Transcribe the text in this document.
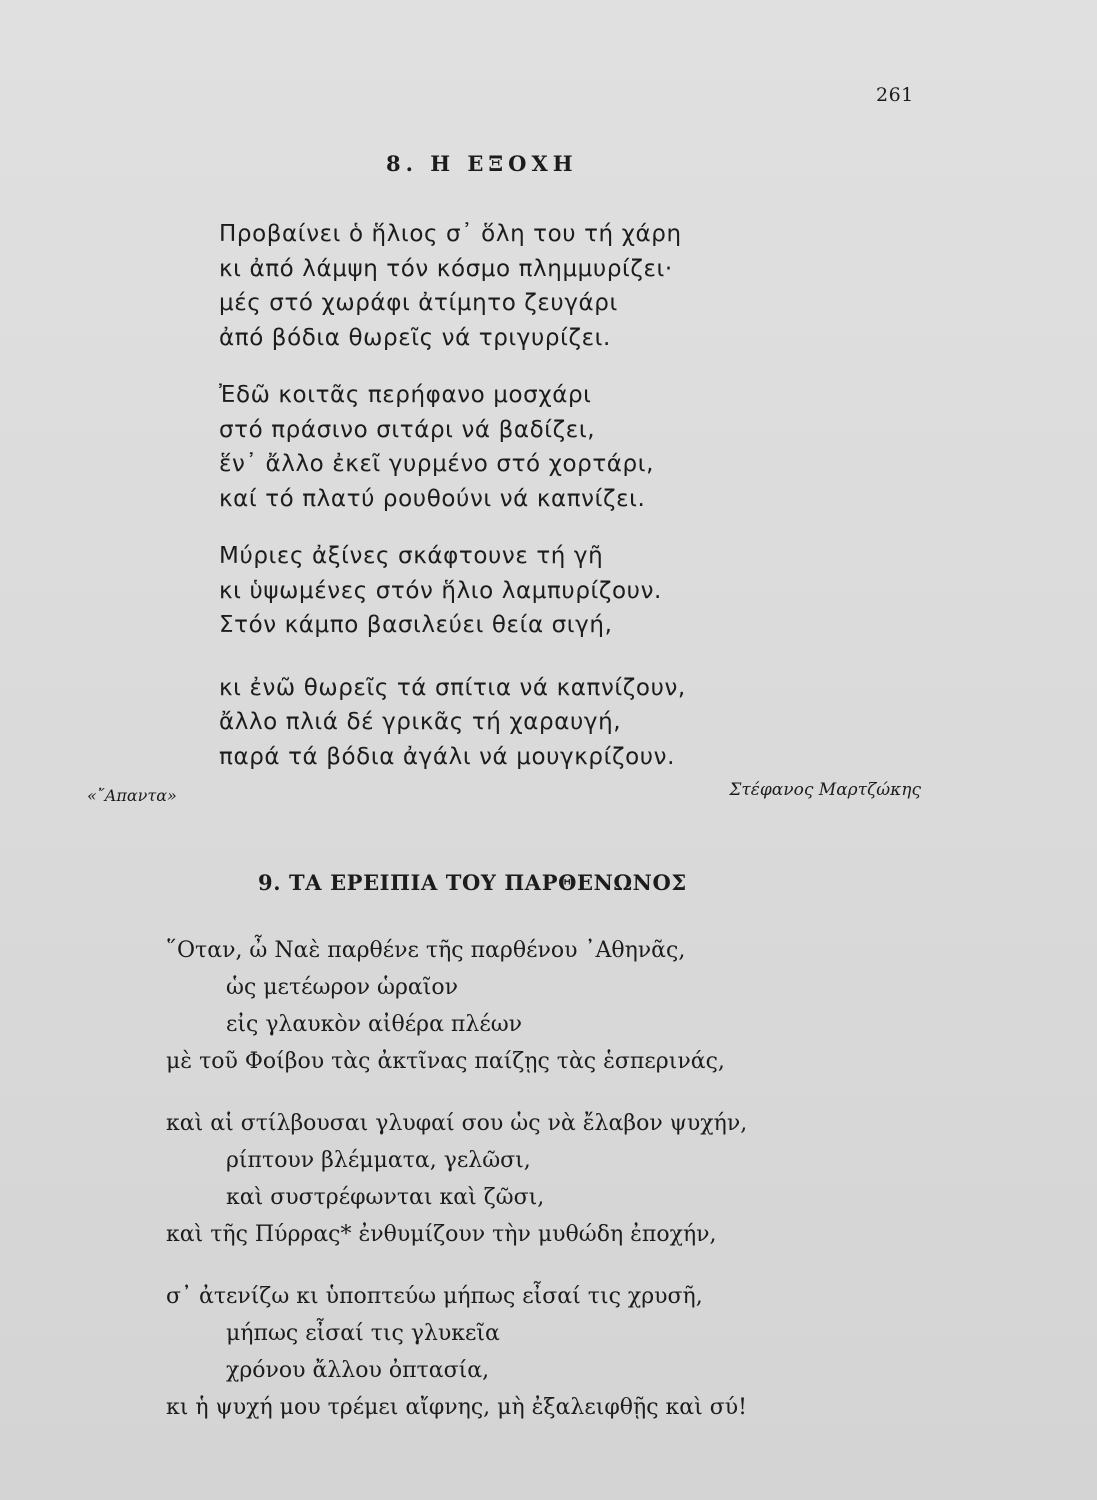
261
8. Η ΕΞΟΧΗ
Προβαίνει ὁ ἥλιος σ᾽ ὅλη του τή χάρη
κι ἀπό λάμψη τόν κόσμο πλημμυρίζει·
μές στό χωράφι ἀτίμητο ζευγάρι
ἀπό βόδια θωρεῖς νά τριγυρίζει.
Ἐδῶ κοιτᾶς περήφανο μοσχάρι
στό πράσινο σιτάρι νά βαδίζει,
ἕν᾽ ἄλλο ἐκεῖ γυρμένο στό χορτάρι,
καί τό πλατύ ρουθούνι νά καπνίζει.
Μύριες ἀξίνες σκάφτουνε τή γῆ
κι ὑψωμένες στόν ἥλιο λαμπυρίζουν.
Στόν κάμπο βασιλεύει θεία σιγή,
κι ἐνῶ θωρεῖς τά σπίτια νά καπνίζουν,
ἄλλο πλιά δέ γρικᾶς τή χαραυγή,
παρά τά βόδια ἀγάλι νά μουγκρίζουν.
«῎Απαντα»	Στέφανος Μαρτζώκης
9. ΤΑ ΕΡΕΙΠΙΑ ΤΟΥ ΠΑΡΘΕΝΩΝΟΣ
῞Οταν, ὦ Ναὲ παρθένε τῆς παρθένου ᾿Αθηνᾶς,
ὡς μετέωρον ὡραῖον
εἰς γλαυκὸν αἰθέρα πλέων
μὲ τοῦ Φοίβου τὰς ἀκτῖνας παίζῃς τὰς ἑσπερινάς,
καὶ αἱ στίλβουσαι γλυφαί σου ὡς νὰ ἔλαβον ψυχήν,
ρίπτουν βλέμματα, γελῶσι,
καὶ συστρέφωνται καὶ ζῶσι,
καὶ τῆς Πύρρας* ἐνθυμίζουν τὴν μυθώδη ἐποχήν,
σ᾽ ἀτενίζω κι ὑποπτεύω μήπως εἶσαί τις χρυσῆ,
μήπως εἶσαί τις γλυκεῖα
χρόνου ἄλλου ὀπτασία,
κι ἡ ψυχή μου τρέμει αἴφνης, μὴ ἐξαλειφθῇς καὶ σύ!
